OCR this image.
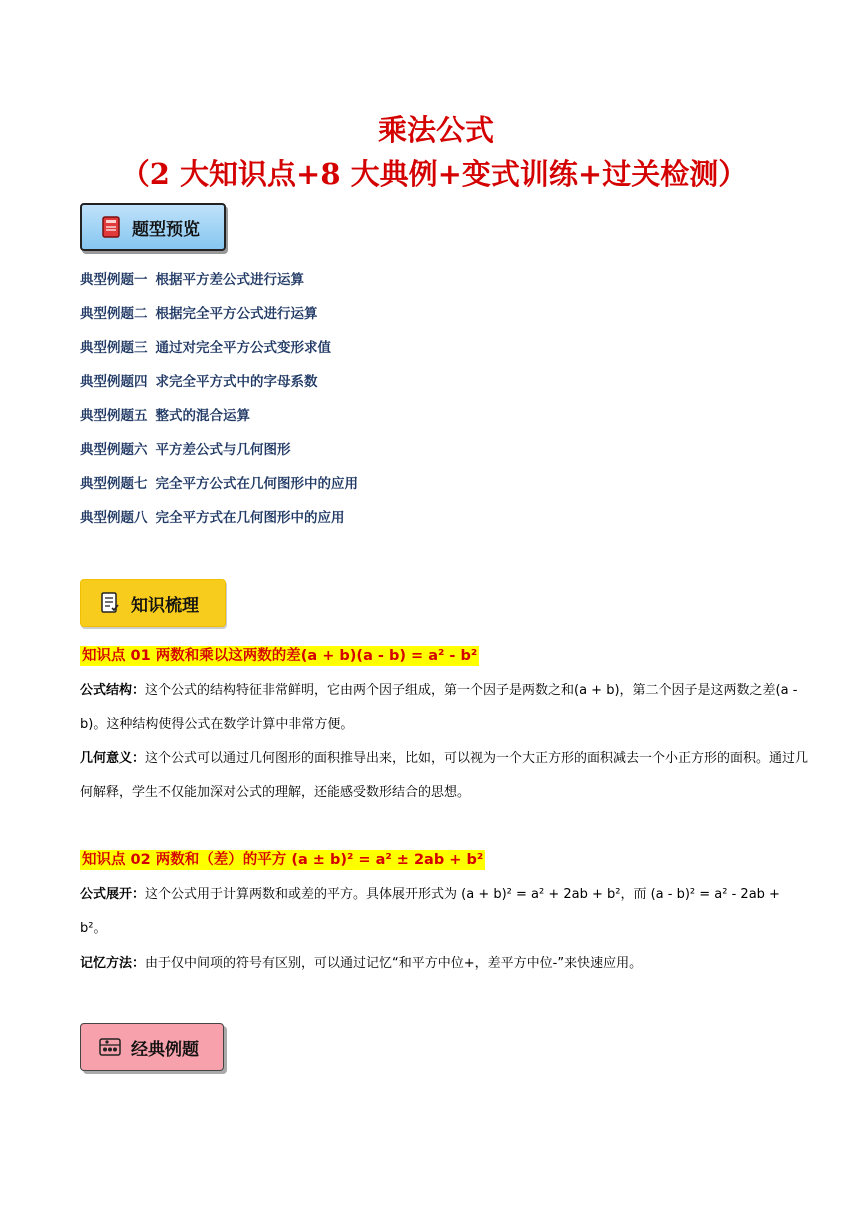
乘法公式
（2 大知识点+8 大典例+变式训练+过关检测）
题型预览
典型例题一 根据平方差公式进行运算
典型例题二 根据完全平方公式进行运算
典型例题三 通过对完全平方公式变形求值
典型例题四 求完全平方式中的字母系数
典型例题五 整式的混合运算
典型例题六 平方差公式与几何图形
典型例题七 完全平方公式在几何图形中的应用
典型例题八 完全平方式在几何图形中的应用
知识梳理
知识点 01 两数和乘以这两数的差(a + b)(a - b) = a² - b²
公式结构：这个公式的结构特征非常鲜明，它由两个因子组成，第一个因子是两数之和(a + b)，第二个因子是这两数之差(a - b)。这种结构使得公式在数学计算中非常方便。
几何意义：这个公式可以通过几何图形的面积推导出来，比如，可以视为一个大正方形的面积减去一个小正方形的面积。通过几何解释，学生不仅能加深对公式的理解，还能感受数形结合的思想。
知识点 02 两数和（差）的平方 (a ± b)² = a² ± 2ab + b²
公式展开：这个公式用于计算两数和或差的平方。具体展开形式为 (a + b)² = a² + 2ab + b²，而 (a - b)² = a² - 2ab + b²。
记忆方法：由于仅中间项的符号有区别，可以通过记忆“和平方中位+，差平方中位-”来快速应用。
经典例题
